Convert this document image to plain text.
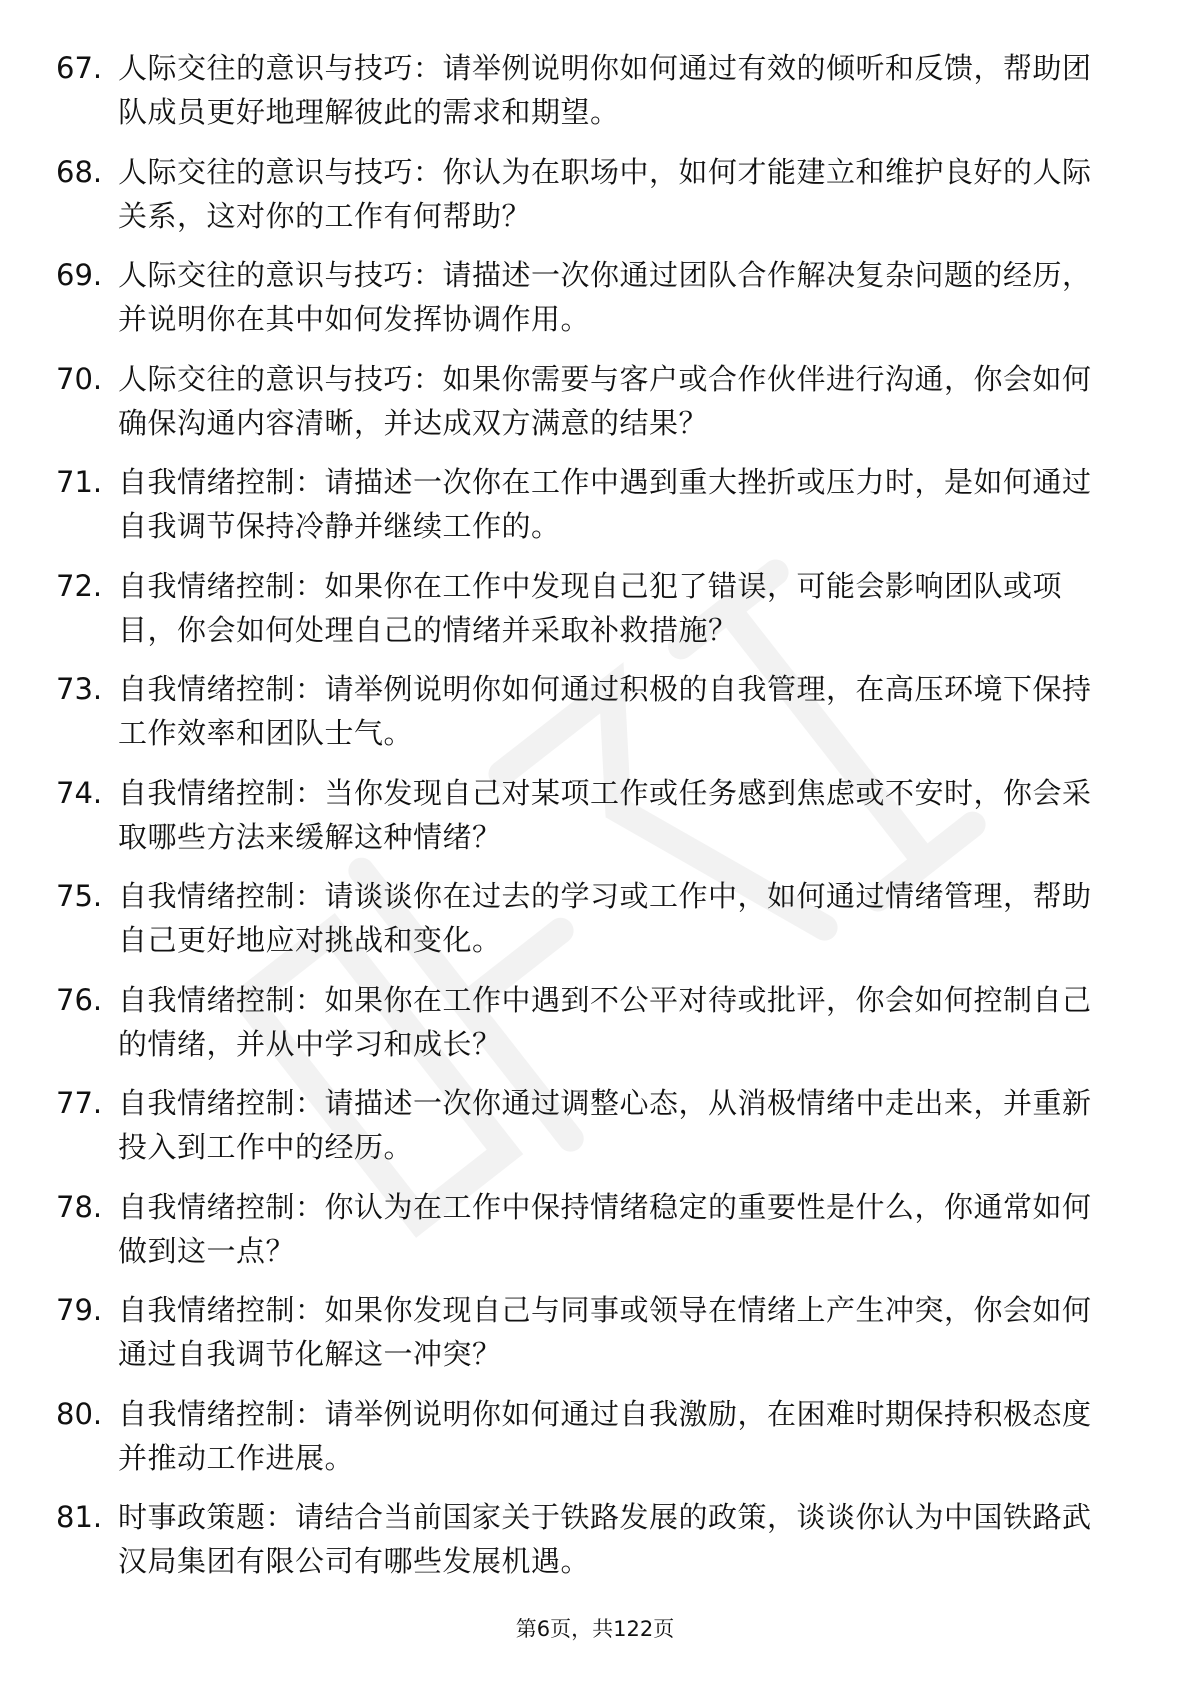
67. 人际交往的意识与技巧：请举例说明你如何通过有效的倾听和反馈，帮助团队成员更好地理解彼此的需求和期望。
68. 人际交往的意识与技巧：你认为在职场中，如何才能建立和维护良好的人际关系，这对你的工作有何帮助？
69. 人际交往的意识与技巧：请描述一次你通过团队合作解决复杂问题的经历，并说明你在其中如何发挥协调作用。
70. 人际交往的意识与技巧：如果你需要与客户或合作伙伴进行沟通，你会如何确保沟通内容清晰，并达成双方满意的结果？
71. 自我情绪控制：请描述一次你在工作中遇到重大挫折或压力时，是如何通过自我调节保持冷静并继续工作的。
72. 自我情绪控制：如果你在工作中发现自己犯了错误，可能会影响团队或项目，你会如何处理自己的情绪并采取补救措施？
73. 自我情绪控制：请举例说明你如何通过积极的自我管理，在高压环境下保持工作效率和团队士气。
74. 自我情绪控制：当你发现自己对某项工作或任务感到焦虑或不安时，你会采取哪些方法来缓解这种情绪？
75. 自我情绪控制：请谈谈你在过去的学习或工作中，如何通过情绪管理，帮助自己更好地应对挑战和变化。
76. 自我情绪控制：如果你在工作中遇到不公平对待或批评，你会如何控制自己的情绪，并从中学习和成长？
77. 自我情绪控制：请描述一次你通过调整心态，从消极情绪中走出来，并重新投入到工作中的经历。
78. 自我情绪控制：你认为在工作中保持情绪稳定的重要性是什么，你通常如何做到这一点？
79. 自我情绪控制：如果你发现自己与同事或领导在情绪上产生冲突，你会如何通过自我调节化解这一冲突？
80. 自我情绪控制：请举例说明你如何通过自我激励，在困难时期保持积极态度并推动工作进展。
81. 时事政策题：请结合当前国家关于铁路发展的政策，谈谈你认为中国铁路武汉局集团有限公司有哪些发展机遇。
第6页，共122页
